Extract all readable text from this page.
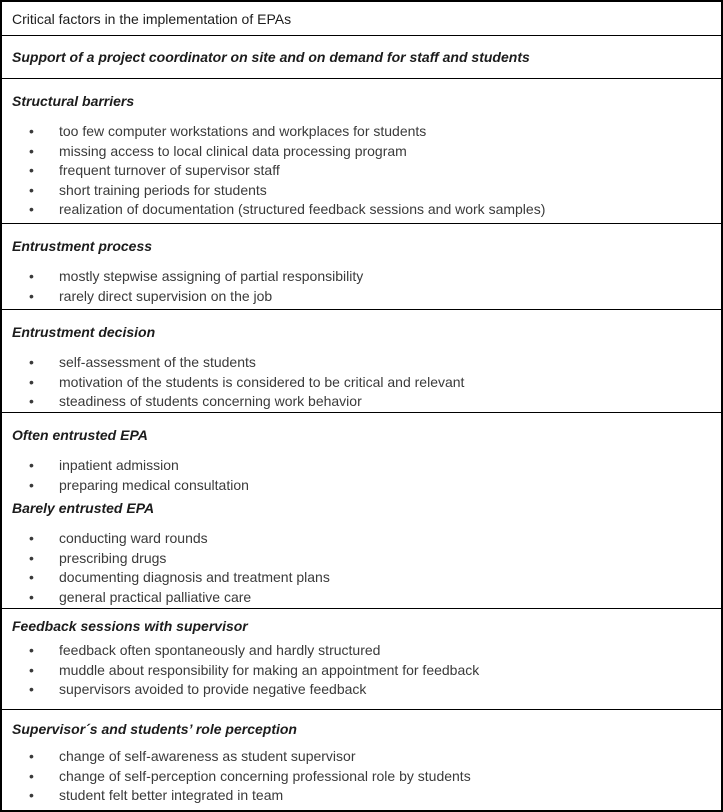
Critical factors in the implementation of EPAs
Support of a project coordinator on site and on demand for staff and students
Structural barriers
• too few computer workstations and workplaces for students
• missing access to local clinical data processing program
• frequent turnover of supervisor staff
• short training periods for students
• realization of documentation (structured feedback sessions and work samples)
Entrustment process
• mostly stepwise assigning of partial responsibility
• rarely direct supervision on the job
Entrustment decision
• self-assessment of the students
• motivation of the students is considered to be critical and relevant
• steadiness of students concerning work behavior
Often entrusted EPA
• inpatient admission
• preparing medical consultation
Barely entrusted EPA
• conducting ward rounds
• prescribing drugs
• documenting diagnosis and treatment plans
• general practical palliative care
Feedback sessions with supervisor
• feedback often spontaneously and hardly structured
• muddle about responsibility for making an appointment for feedback
• supervisors avoided to provide negative feedback
Supervisor´s and students’ role perception
• change of self-awareness as student supervisor
• change of self-perception concerning professional role by students
• student felt better integrated in team
